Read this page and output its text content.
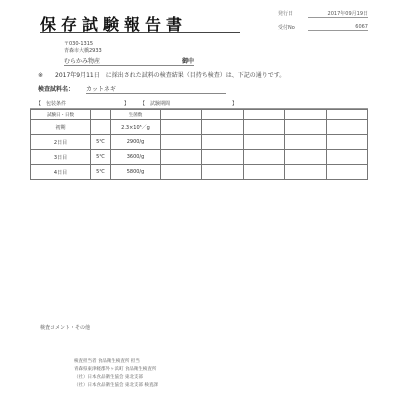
保存試験報告書
発行日	2017年09月19日
受付No	6067
〒030-1315
青森市大橋2933
むらかみ物産	御中
※　　2017年9月11日　に採出された試料の検査結果（目持ち検査）は、下記の通りです。
検査試料名： カットネギ
【　包装条件	】 【　試験期間	】
試験日・日数		生菌数					
初期		2.3×10⁵／g					
2日目	5℃	2900/g					
3日目	5℃	3600/g					
4日目	5℃	5800/g					
検査コメント・その他
検査担当者 食品衛生検査所 担当
青森県東津軽郡外ヶ浜町 食品衛生検査所
（社）日本食品衛生協会 東北支部
（社）日本食品衛生協会 東北支部 検査課
